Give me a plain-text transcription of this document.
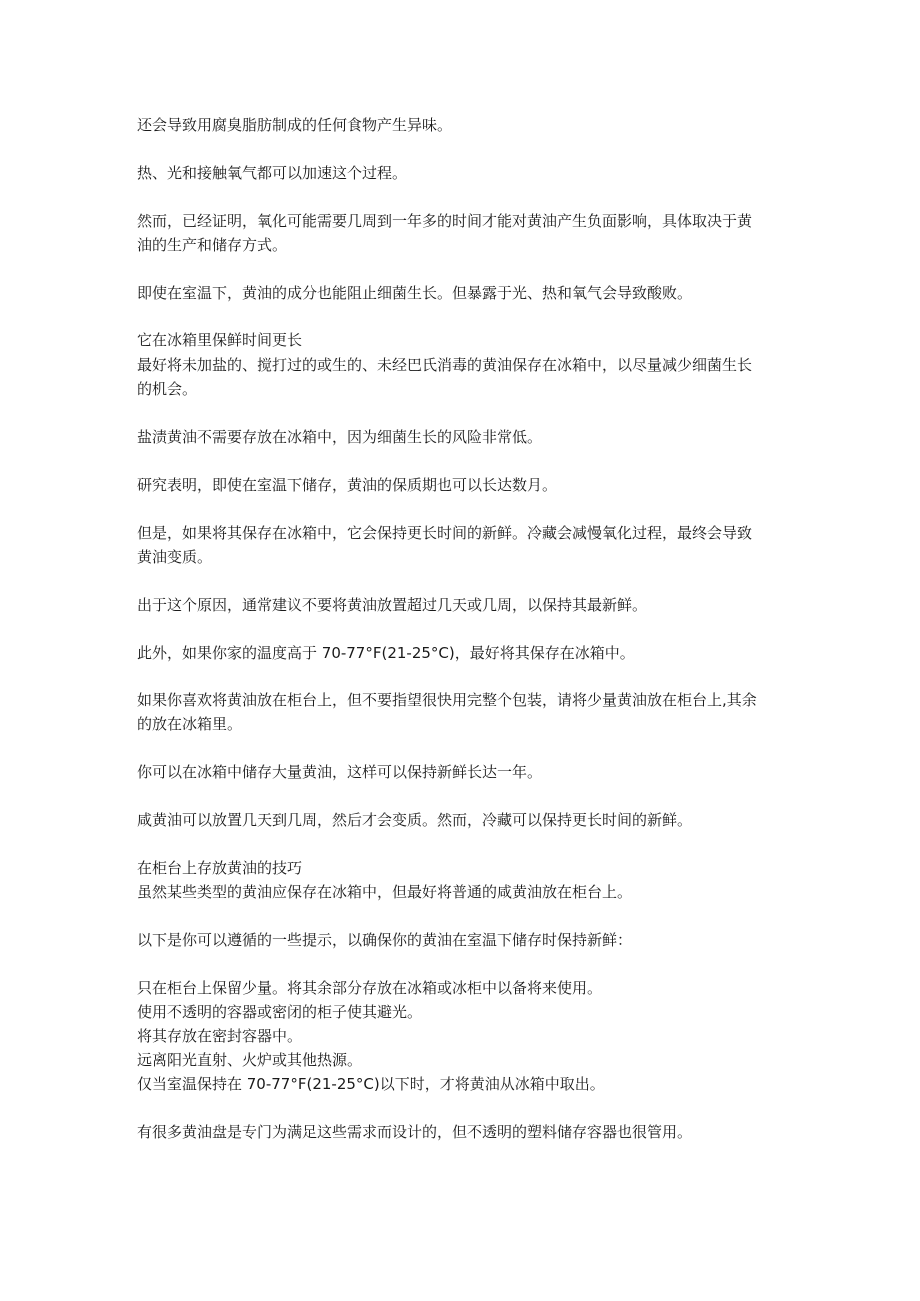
还会导致用腐臭脂肪制成的任何食物产生异味。
热、光和接触氧气都可以加速这个过程。
然而，已经证明，氧化可能需要几周到一年多的时间才能对黄油产生负面影响，具体取决于黄
油的生产和储存方式。
即使在室温下，黄油的成分也能阻止细菌生长。但暴露于光、热和氧气会导致酸败。
它在冰箱里保鲜时间更长
最好将未加盐的、搅打过的或生的、未经巴氏消毒的黄油保存在冰箱中，以尽量减少细菌生长
的机会。
盐渍黄油不需要存放在冰箱中，因为细菌生长的风险非常低。
研究表明，即使在室温下储存，黄油的保质期也可以长达数月。
但是，如果将其保存在冰箱中，它会保持更长时间的新鲜。冷藏会减慢氧化过程，最终会导致
黄油变质。
出于这个原因，通常建议不要将黄油放置超过几天或几周，以保持其最新鲜。
此外，如果你家的温度高于 70-77°F(21-25°C)，最好将其保存在冰箱中。
如果你喜欢将黄油放在柜台上，但不要指望很快用完整个包装，请将少量黄油放在柜台上,其余
的放在冰箱里。
你可以在冰箱中储存大量黄油，这样可以保持新鲜长达一年。
咸黄油可以放置几天到几周，然后才会变质。然而，冷藏可以保持更长时间的新鲜。
在柜台上存放黄油的技巧
虽然某些类型的黄油应保存在冰箱中，但最好将普通的咸黄油放在柜台上。
以下是你可以遵循的一些提示，以确保你的黄油在室温下储存时保持新鲜：
只在柜台上保留少量。将其余部分存放在冰箱或冰柜中以备将来使用。
使用不透明的容器或密闭的柜子使其避光。
将其存放在密封容器中。
远离阳光直射、火炉或其他热源。
仅当室温保持在 70-77°F(21-25°C)以下时，才将黄油从冰箱中取出。
有很多黄油盘是专门为满足这些需求而设计的，但不透明的塑料储存容器也很管用。
